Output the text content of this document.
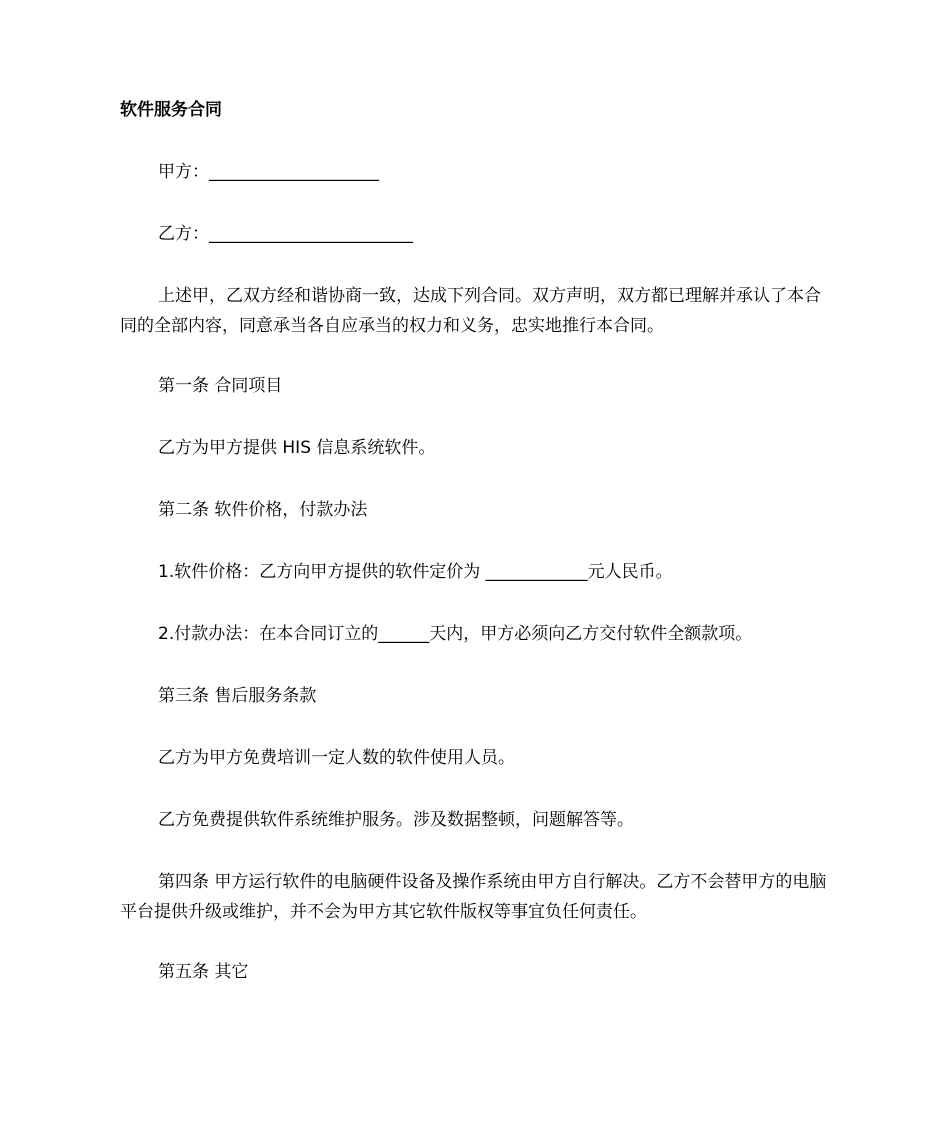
软件服务合同
甲方：____________________
乙方：________________________
上述甲，乙双方经和谐协商一致，达成下列合同。双方声明，双方都已理解并承认了本合同的全部内容，同意承当各自应承当的权力和义务，忠实地推行本合同。
第一条 合同项目
乙方为甲方提供 HIS 信息系统软件。
第二条 软件价格，付款办法
1.软件价格：乙方向甲方提供的软件定价为 ____________元人民币。
2.付款办法：在本合同订立的______天内，甲方必须向乙方交付软件全额款项。
第三条 售后服务条款
乙方为甲方免费培训一定人数的软件使用人员。
乙方免费提供软件系统维护服务。涉及数据整顿，问题解答等。
第四条 甲方运行软件的电脑硬件设备及操作系统由甲方自行解决。乙方不会替甲方的电脑平台提供升级或维护，并不会为甲方其它软件版权等事宜负任何责任。
第五条 其它
